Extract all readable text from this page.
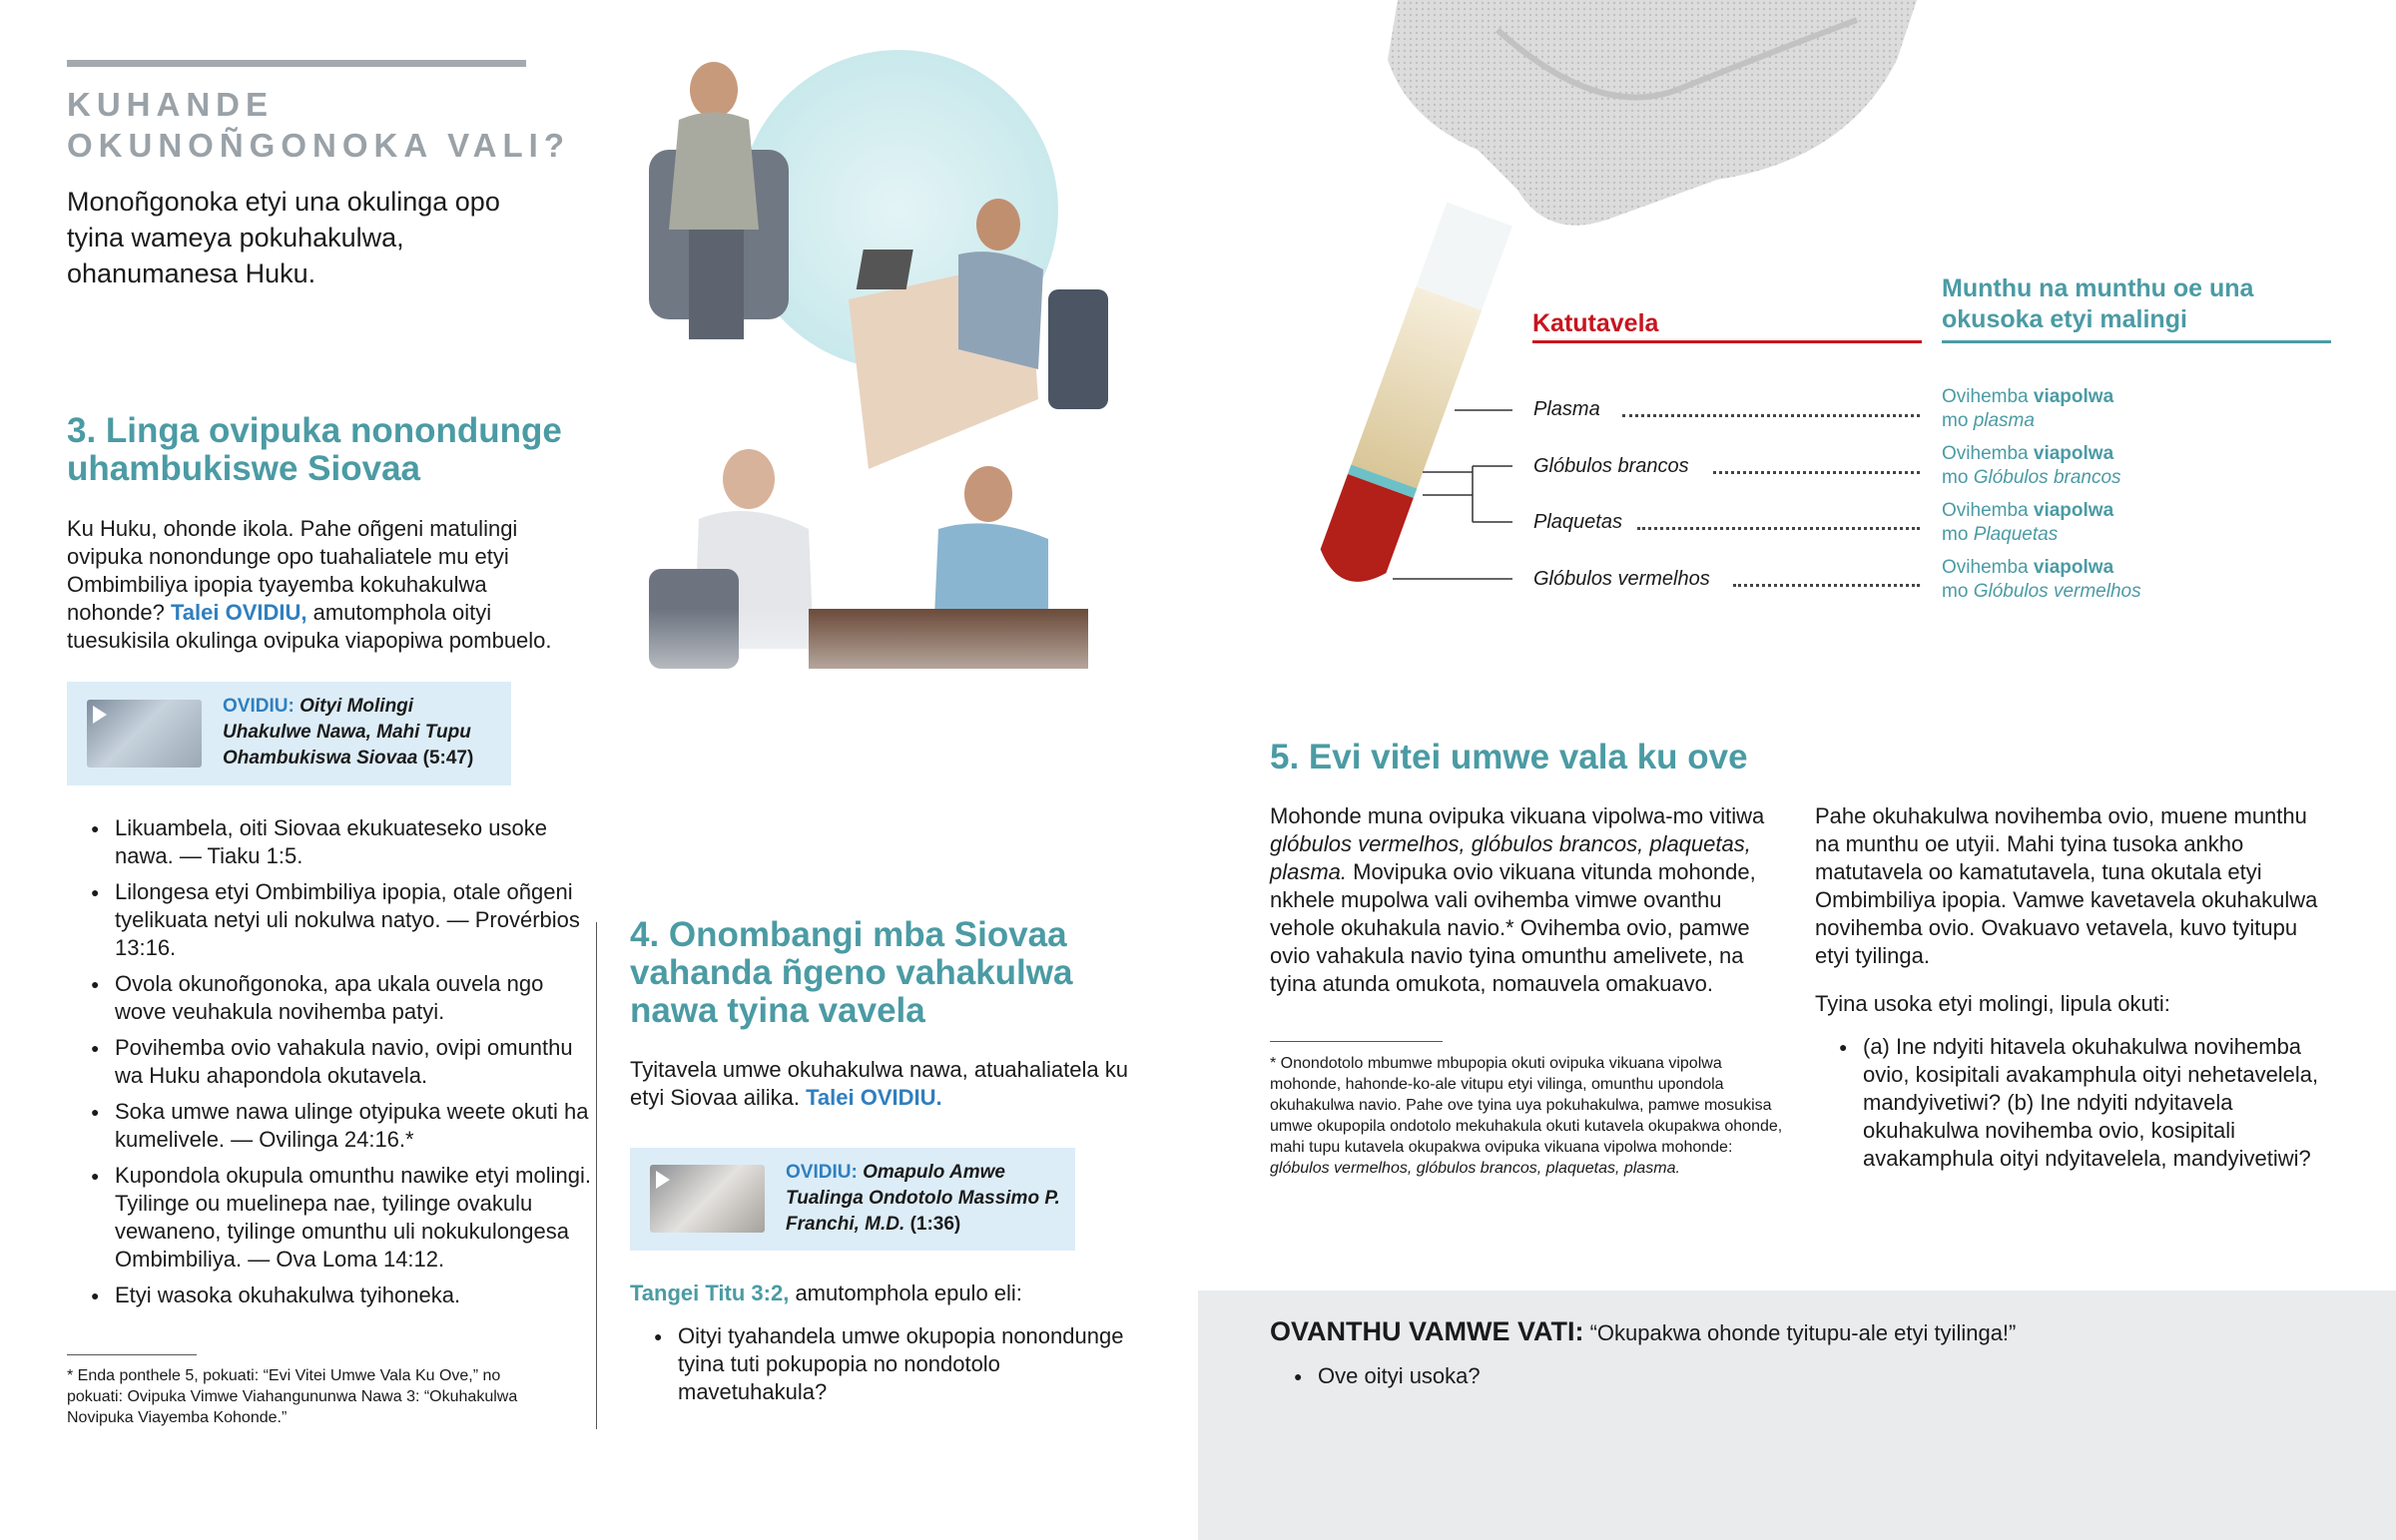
KUHANDE OKUNOÑGONOKA VALI?
Monoñgonoka etyi una okulinga opo tyina wameya pokuhakulwa, ohanumanesa Huku.
3. Linga ovipuka nonondunge uhambukiswe Siovaa
Ku Huku, ohonde ikola. Pahe oñgeni matulingi ovipuka nonondunge opo tuahaliatele mu etyi Ombimbiliya ipopia tyayemba kokuhakulwa nohonde? Talei OVIDIU, amutomphola oityi tuesukisila okulinga ovipuka viapopiwa pombuelo.
OVIDIU: Oityi Molingi Uhakulwe Nawa, Mahi Tupu Ohambukiswa Siovaa (5:47)
● Likuambela, oiti Siovaa ekukuateseko usoke nawa. — Tiaku 1:5.
● Lilongesa etyi Ombimbiliya ipopia, otale oñgeni tyelikuata netyi uli nokulwa natyo. — Provérbios 13:16.
● Ovola okunoñgonoka, apa ukala ouvela ngo wove veuhakula novihemba patyi.
● Povihemba ovio vahakula navio, ovipi omunthu wa Huku ahapondola okutavela.
● Soka umwe nawa ulinge otyipuka weete okuti ha kumelivele. — Ovilinga 24:16.*
● Kupondola okupula omunthu nawike etyi molingi. Tyilinge ou muelinepa nae, tyilinge ovakulu vewaneno, tyilinge omunthu uli nokukulongesa Ombimbiliya. — Ova Loma 14:12.
● Etyi wasoka okuhakulwa tyihoneka.
* Enda ponthele 5, pokuati: “Evi Vitei Umwe Vala Ku Ove,” no pokuati: Ovipuka Vimwe Viahangununwa Nawa 3: “Okuhakulwa Novipuka Viayemba Kohonde.”
4. Onombangi mba Siovaa vahanda ñgeno vahakulwa nawa tyina vavela
Tyitavela umwe okuhakulwa nawa, atuahaliatela ku etyi Siovaa ailika. Talei OVIDIU.
OVIDIU: Omapulo Amwe Tualinga Ondotolo Massimo P. Franchi, M.D. (1:36)
Tangei Titu 3:2, amutomphola epulo eli:
● Oityi tyahandela umwe okupopia nonondunge tyina tuti pokupopia no nondotolo mavetuhakula?
Katutavela
Munthu na munthu oe una okusoka etyi malingi
Plasma
Ovihemba viapolwa
mo plasma
Glóbulos brancos
Ovihemba viapolwa
mo Glóbulos brancos
Plaquetas
Ovihemba viapolwa
mo Plaquetas
Glóbulos vermelhos
Ovihemba viapolwa
mo Glóbulos vermelhos
5. Evi vitei umwe vala ku ove
Mohonde muna ovipuka vikuana vipolwa-mo vitiwa glóbulos vermelhos, glóbulos brancos, plaquetas, plasma. Movipuka ovio vikuana vitunda mohonde, nkhele mupolwa vali ovihemba vimwe ovanthu vehole okuhakula navio.* Ovihemba ovio, pamwe ovio vahakula navio tyina omunthu amelivete, na tyina atunda omukota, nomauvela omakuavo.
* Onondotolo mbumwe mbupopia okuti ovipuka vikuana vipolwa mohonde, hahonde-ko-ale vitupu etyi vilinga, omunthu upondola okuhakulwa navio. Pahe ove tyina uya pokuhakulwa, pamwe mosukisa umwe okupopila ondotolo mekuhakula okuti kutavela okupakwa ohonde, mahi tupu kutavela okupakwa ovipuka vikuana vipolwa mohonde: glóbulos vermelhos, glóbulos brancos, plaquetas, plasma.
Pahe okuhakulwa novihemba ovio, muene munthu na munthu oe utyii. Mahi tyina tusoka ankho matutavela oo kamatutavela, tuna okutala etyi Ombimbiliya ipopia. Vamwe kavetavela okuhakulwa novihemba ovio. Ovakuavo vetavela, kuvo tyitupu etyi tyilinga.
Tyina usoka etyi molingi, lipula okuti:
● (a) Ine ndyiti hitavela okuhakulwa novihemba ovio, kosipitali avakamphula oityi nehetavelela, mandyivetiwi? (b) Ine ndyiti ndyitavela okuhakulwa novihemba ovio, kosipitali avakamphula oityi ndyitavelela, mandyivetiwi?
OVANTHU VAMWE VATI: “Okupakwa ohonde tyitupu-ale etyi tyilinga!”
● Ove oityi usoka?
